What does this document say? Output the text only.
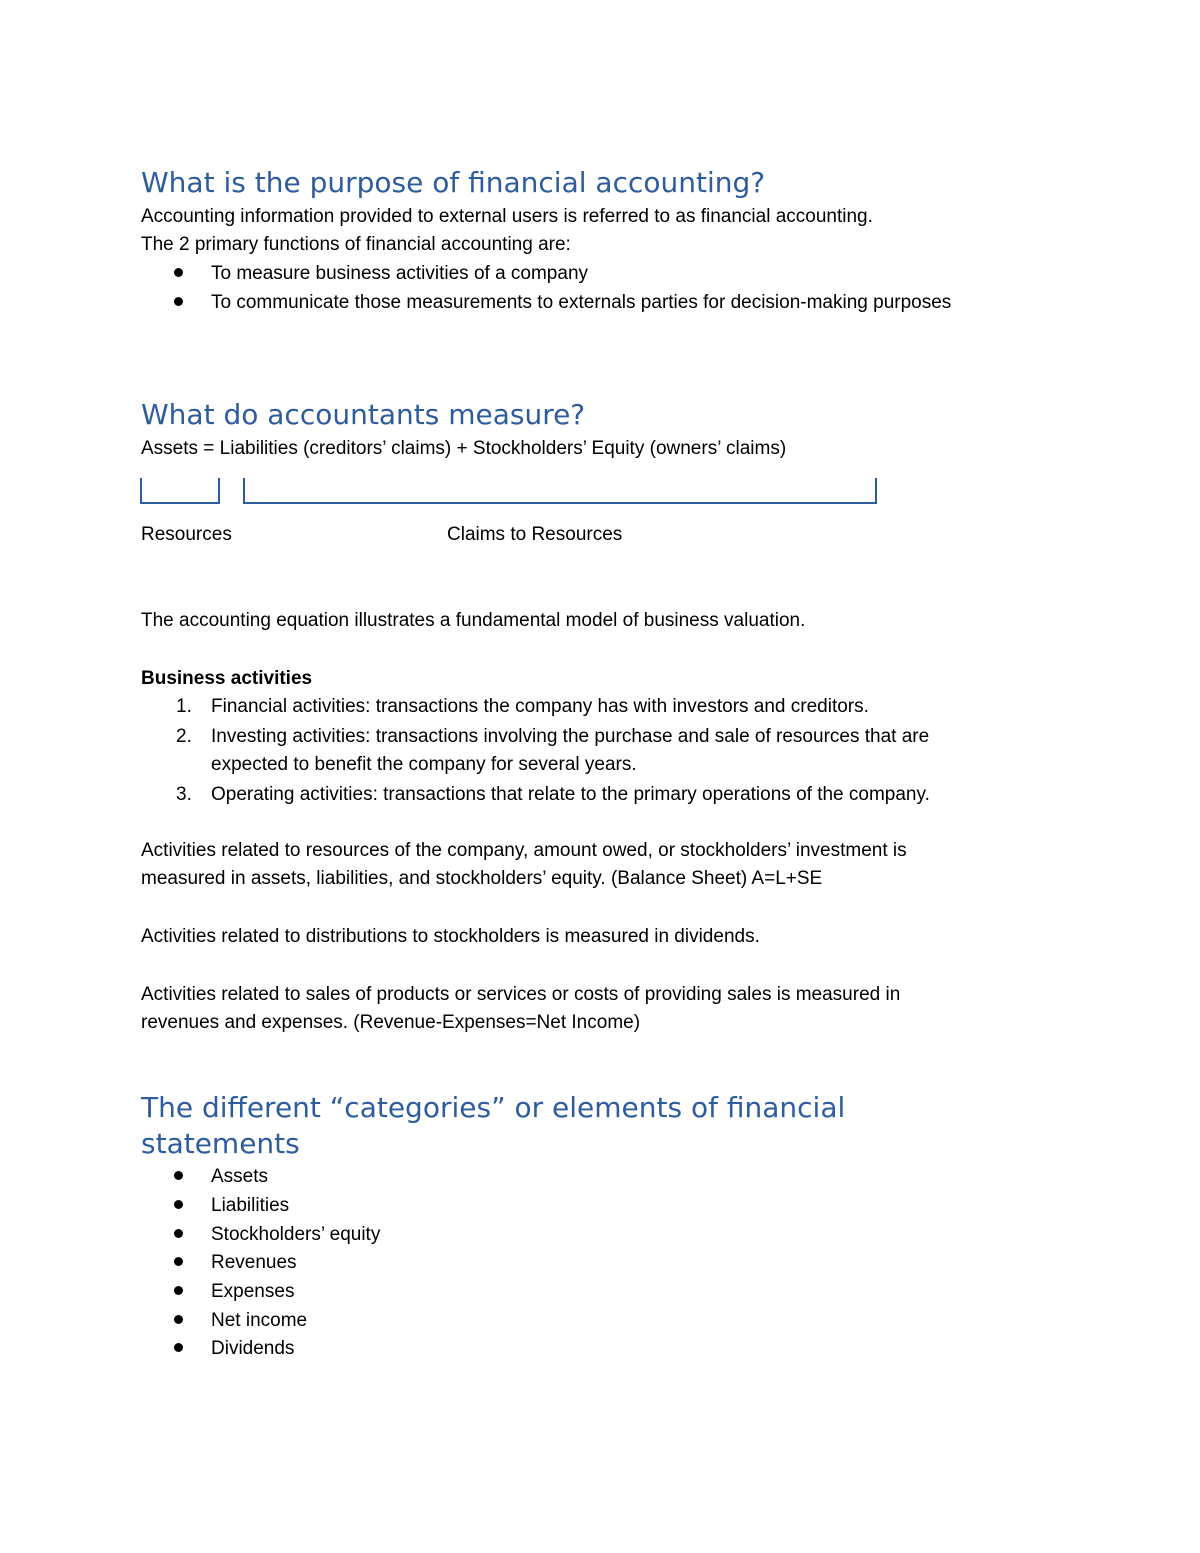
What is the purpose of financial accounting?

Accounting information provided to external users is referred to as financial accounting.

The 2 primary functions of financial accounting are:

To measure business activities of a company
To communicate those measurements to externals parties for decision-making purposes
What do accountants measure?

Assets = Liabilities (creditors’ claims) + Stockholders’ Equity (owners’ claims)

Resources	Claims to Resources

The accounting equation illustrates a fundamental model of business valuation.

Business activities

1. Financial activities: transactions the company has with investors and creditors.
2. Investing activities: transactions involving the purchase and sale of resources that are
expected to benefit the company for several years.
3. Operating activities: transactions that relate to the primary operations of the company.

Activities related to resources of the company, amount owed, or stockholders’ investment is

measured in assets, liabilities, and stockholders’ equity. (Balance Sheet) A=L+SE

Activities related to distributions to stockholders is measured in dividends.

Activities related to sales of products or services or costs of providing sales is measured in

revenues and expenses. (Revenue-Expenses=Net Income)

The different “categories” or elements of financial
statements
Assets
Liabilities
Stockholders’ equity
Revenues
Expenses
Net income
Dividends
